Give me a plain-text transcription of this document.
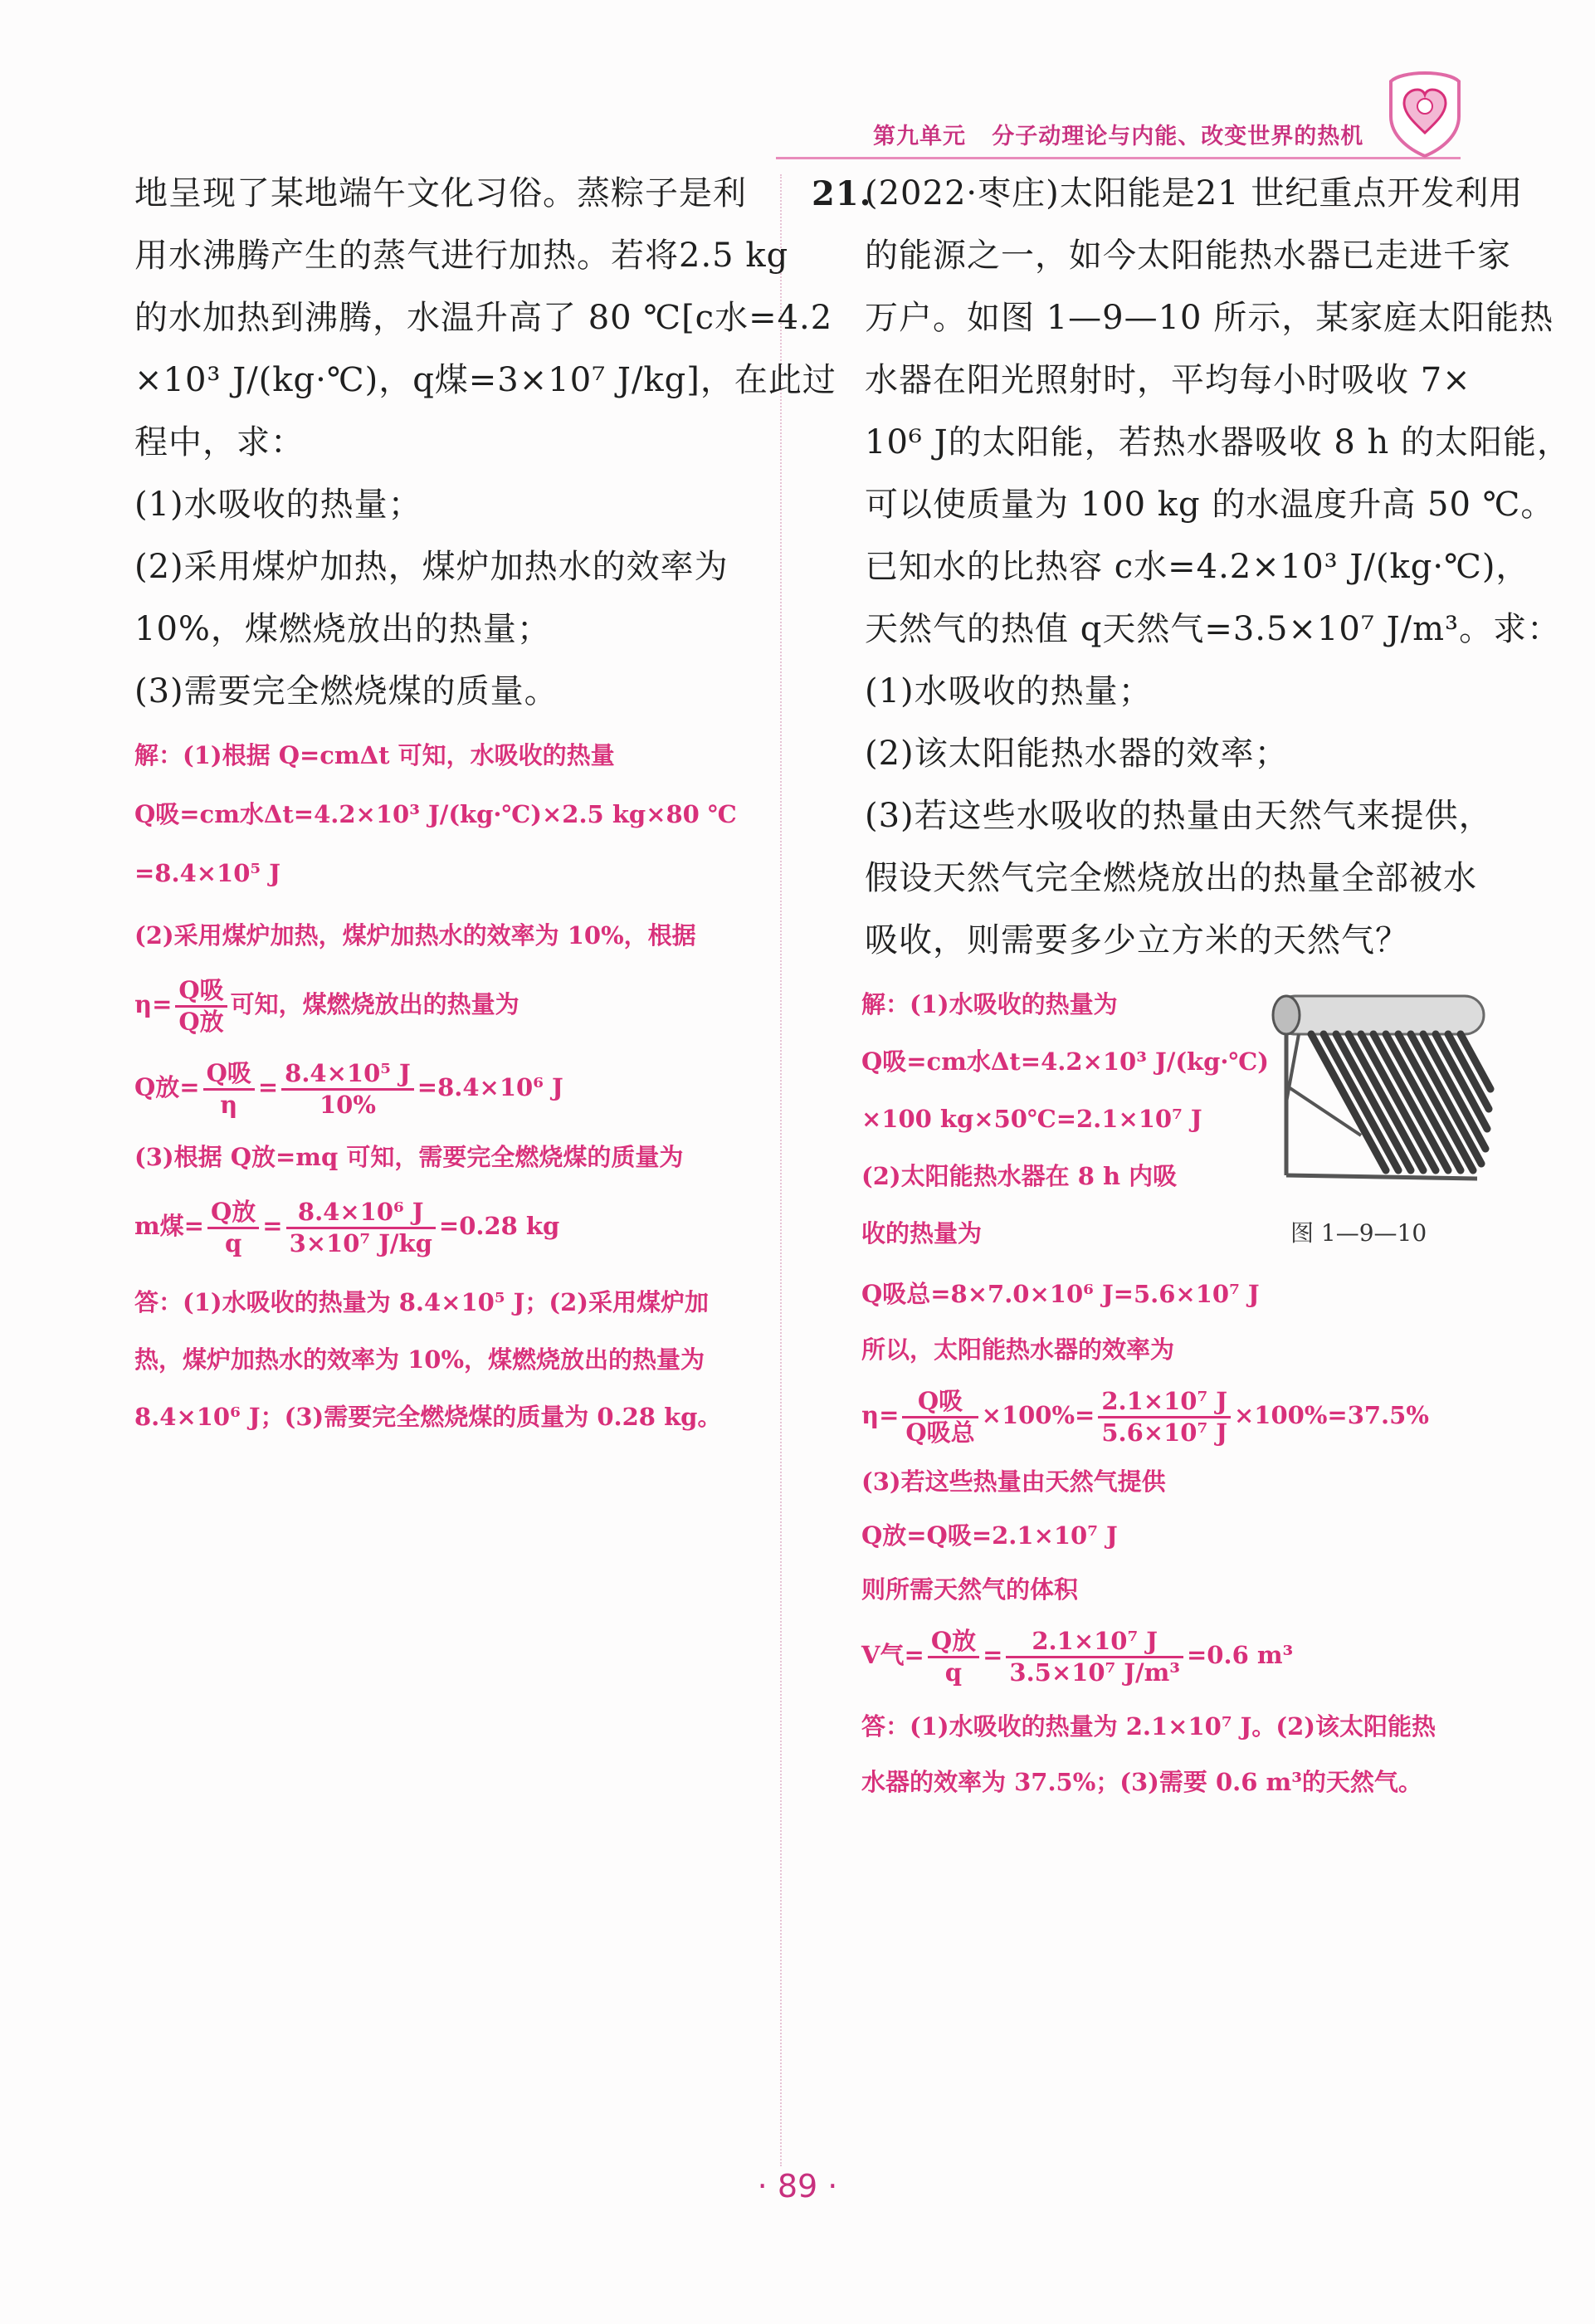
第九单元 分子动理论与内能、改变世界的热机
地呈现了某地端午文化习俗。蒸粽子是利
用水沸腾产生的蒸气进行加热。若将2.5 kg
的水加热到沸腾，水温升高了 80 ℃[c水=4.2
×10³ J/(kg·℃)，q煤=3×10⁷ J/kg]，在此过
程中，求：
(1)水吸收的热量；
(2)采用煤炉加热，煤炉加热水的效率为
10%，煤燃烧放出的热量；
(3)需要完全燃烧煤的质量。
解：(1)根据 Q=cmΔt 可知，水吸收的热量
Q吸=cm水Δt=4.2×10³ J/(kg·℃)×2.5 kg×80 ℃
=8.4×10⁵ J
(2)采用煤炉加热，煤炉加热水的效率为 10%，根据
$\eta= \frac{\text{Q吸}}{\text{Q放}}$ 可知，煤燃烧放出的热量为
Q放= $\frac{\text{Q吸}}{\eta} = \frac{\text{8.4×10⁵ J}}{10\%} =8.4\times 10^6$ J
(3)根据 Q放=mq 可知，需要完全燃烧煤的质量为
m煤= $\frac{\text{Q放}}{q} = \frac{\text{8.4×10⁶ J}}{\text{3×10⁷ J/kg}} =0.28$ kg
答：(1)水吸收的热量为 8.4×10⁵ J；(2)采用煤炉加
热，煤炉加热水的效率为 10%，煤燃烧放出的热量为
8.4×10⁶ J；(3)需要完全燃烧煤的质量为 0.28 kg。
21.
(2022·枣庄)太阳能是21 世纪重点开发利用
的能源之一，如今太阳能热水器已走进千家
万户。如图 1—9—10 所示，某家庭太阳能热
水器在阳光照射时，平均每小时吸收 7×
10⁶ J的太阳能，若热水器吸收 8 h 的太阳能，
可以使质量为 100 kg 的水温度升高 50 ℃。
已知水的比热容 c水=4.2×10³ J/(kg·℃)，
天然气的热值 q天然气=3.5×10⁷ J/m³。求：
(1)水吸收的热量；
(2)该太阳能热水器的效率；
(3)若这些水吸收的热量由天然气来提供，
假设天然气完全燃烧放出的热量全部被水
吸收，则需要多少立方米的天然气？
图 1—9—10
解：(1)水吸收的热量为
Q吸=cm水Δt=4.2×10³ J/(kg·℃)
×100 kg×50℃=2.1×10⁷ J
(2)太阳能热水器在 8 h 内吸
收的热量为
Q吸总=8×7.0×10⁶ J=5.6×10⁷ J
所以，太阳能热水器的效率为
$\eta= \frac{\text{Q吸}}{\text{Q吸总}} \times 100\%= \frac{\text{2.1×10⁷ J}}{\text{5.6×10⁷ J}} \times 100\%=37.5\%$
(3)若这些热量由天然气提供
Q放=Q吸=2.1×10⁷ J
则所需天然气的体积
V气= $\frac{\text{Q放}}{q} = \frac{\text{2.1×10⁷ J}}{\text{3.5×10⁷ J/m³}} =0.6$ m³
答：(1)水吸收的热量为 2.1×10⁷ J。(2)该太阳能热
水器的效率为 37.5%；(3)需要 0.6 m³的天然气。
· 89 ·
